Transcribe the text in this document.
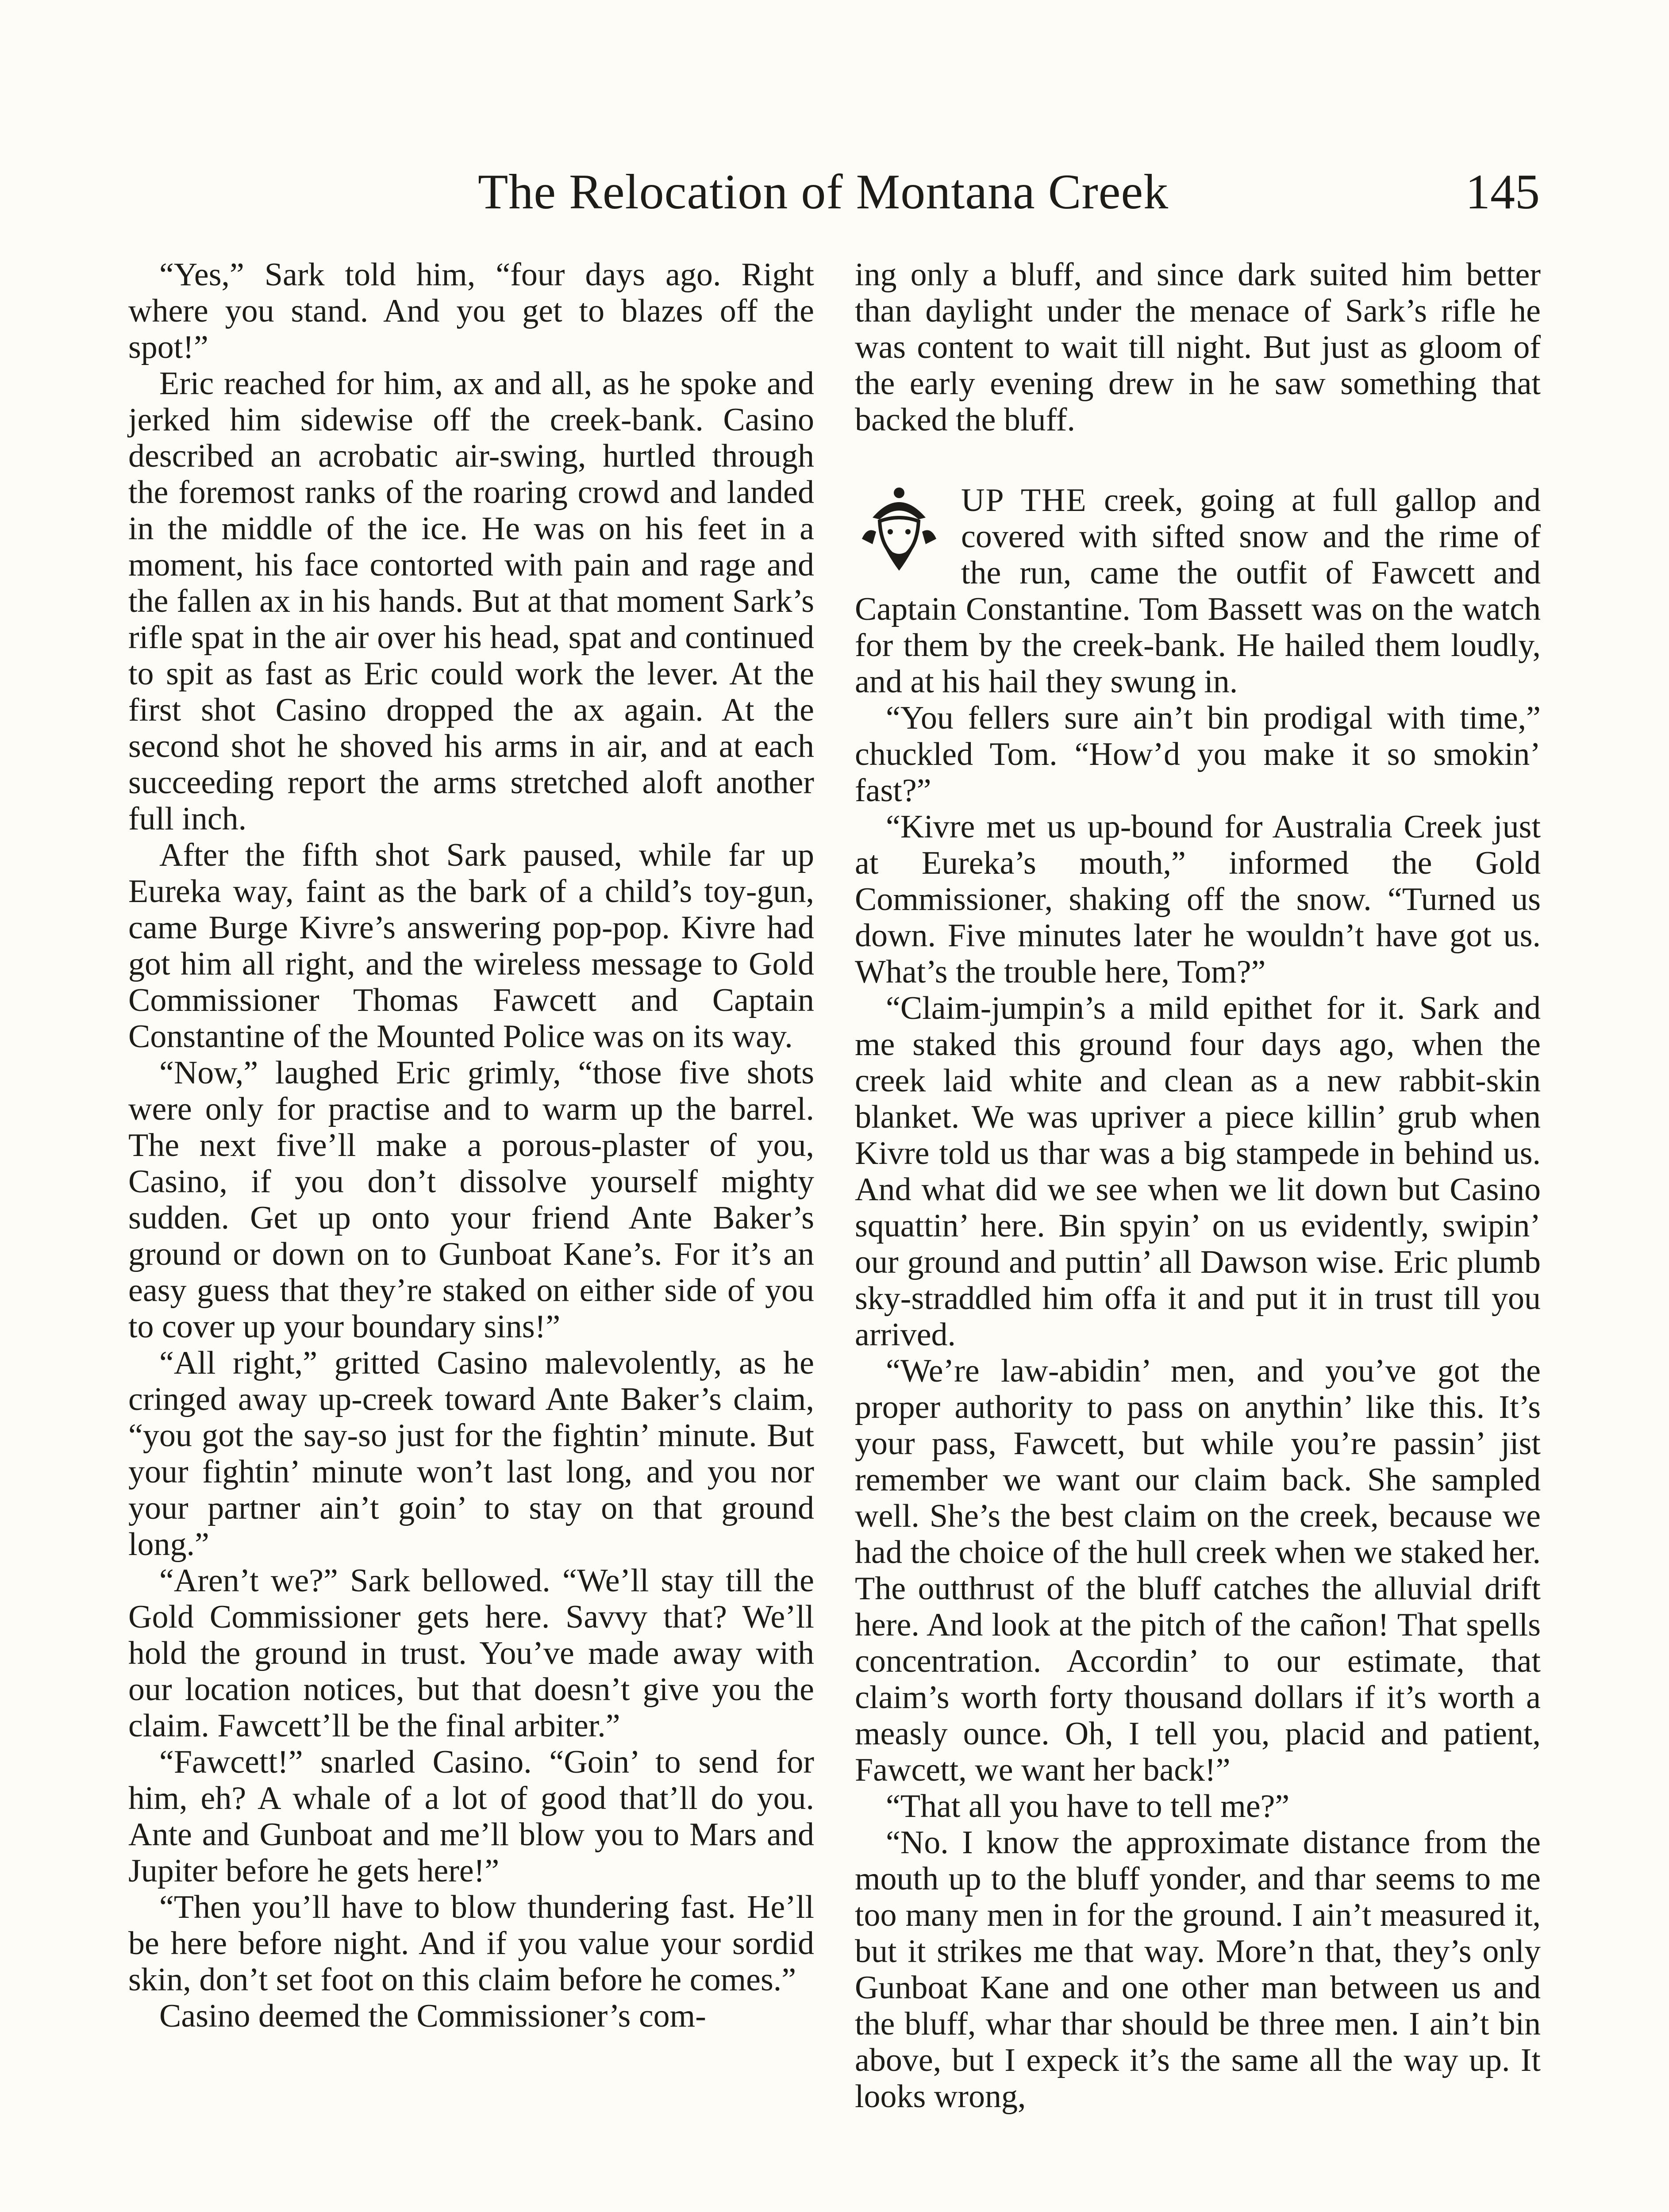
The Relocation of Montana Creek	145

“Yes,” Sark told him, “four days ago. Right where you stand. And you get to blazes off the spot!”

Eric reached for him, ax and all, as he spoke and jerked him sidewise off the creek-bank. Casino described an acrobatic air-swing, hurtled through the foremost ranks of the roaring crowd and landed in the middle of the ice. He was on his feet in a moment, his face contorted with pain and rage and the fallen ax in his hands. But at that moment Sark’s rifle spat in the air over his head, spat and continued to spit as fast as Eric could work the lever. At the first shot Casino dropped the ax again. At the second shot he shoved his arms in air, and at each succeeding report the arms stretched aloft another full inch.

After the fifth shot Sark paused, while far up Eureka way, faint as the bark of a child’s toy-gun, came Burge Kivre’s answering pop-pop. Kivre had got him all right, and the wireless message to Gold Commissioner Thomas Fawcett and Captain Constantine of the Mounted Police was on its way.

“Now,” laughed Eric grimly, “those five shots were only for practise and to warm up the barrel. The next five’ll make a porous-plaster of you, Casino, if you don’t dissolve yourself mighty sudden. Get up onto your friend Ante Baker’s ground or down on to Gunboat Kane’s. For it’s an easy guess that they’re staked on either side of you to cover up your boundary sins!”

“All right,” gritted Casino malevolently, as he cringed away up-creek toward Ante Baker’s claim, “you got the say-so just for the fightin’ minute. But your fightin’ minute won’t last long, and you nor your partner ain’t goin’ to stay on that ground long.”

“Aren’t we?” Sark bellowed. “We’ll stay till the Gold Commissioner gets here. Savvy that? We’ll hold the ground in trust. You’ve made away with our location notices, but that doesn’t give you the claim. Fawcett’ll be the final arbiter.”

“Fawcett!” snarled Casino. “Goin’ to send for him, eh? A whale of a lot of good that’ll do you. Ante and Gunboat and me’ll blow you to Mars and Jupiter before he gets here!”

“Then you’ll have to blow thundering fast. He’ll be here before night. And if you value your sordid skin, don’t set foot on this claim before he comes.”

Casino deemed the Commissioner’s com-

ing only a bluff, and since dark suited him better than daylight under the menace of Sark’s rifle he was content to wait till night. But just as gloom of the early evening drew in he saw something that backed the bluff.

UP THE creek, going at full gallop and covered with sifted snow and the rime of the run, came the outfit of Fawcett and Captain Constantine. Tom Bassett was on the watch for them by the creek-bank. He hailed them loudly, and at his hail they swung in.

“You fellers sure ain’t bin prodigal with time,” chuckled Tom. “How’d you make it so smokin’ fast?”

“Kivre met us up-bound for Australia Creek just at Eureka’s mouth,” informed the Gold Commissioner, shaking off the snow. “Turned us down. Five minutes later he wouldn’t have got us. What’s the trouble here, Tom?”

“Claim-jumpin’s a mild epithet for it. Sark and me staked this ground four days ago, when the creek laid white and clean as a new rabbit-skin blanket. We was upriver a piece killin’ grub when Kivre told us thar was a big stampede in behind us. And what did we see when we lit down but Casino squattin’ here. Bin spyin’ on us evidently, swipin’ our ground and puttin’ all Dawson wise. Eric plumb sky-straddled him offa it and put it in trust till you arrived.

“We’re law-abidin’ men, and you’ve got the proper authority to pass on anythin’ like this. It’s your pass, Fawcett, but while you’re passin’ jist remember we want our claim back. She sampled well. She’s the best claim on the creek, because we had the choice of the hull creek when we staked her. The outthrust of the bluff catches the alluvial drift here. And look at the pitch of the cañon! That spells concentration. Accordin’ to our estimate, that claim’s worth forty thousand dollars if it’s worth a measly ounce. Oh, I tell you, placid and patient, Fawcett, we want her back!”

“That all you have to tell me?”

“No. I know the approximate distance from the mouth up to the bluff yonder, and thar seems to me too many men in for the ground. I ain’t measured it, but it strikes me that way. More’n that, they’s only Gunboat Kane and one other man between us and the bluff, whar thar should be three men. I ain’t bin above, but I expeck it’s the same all the way up. It looks wrong,
